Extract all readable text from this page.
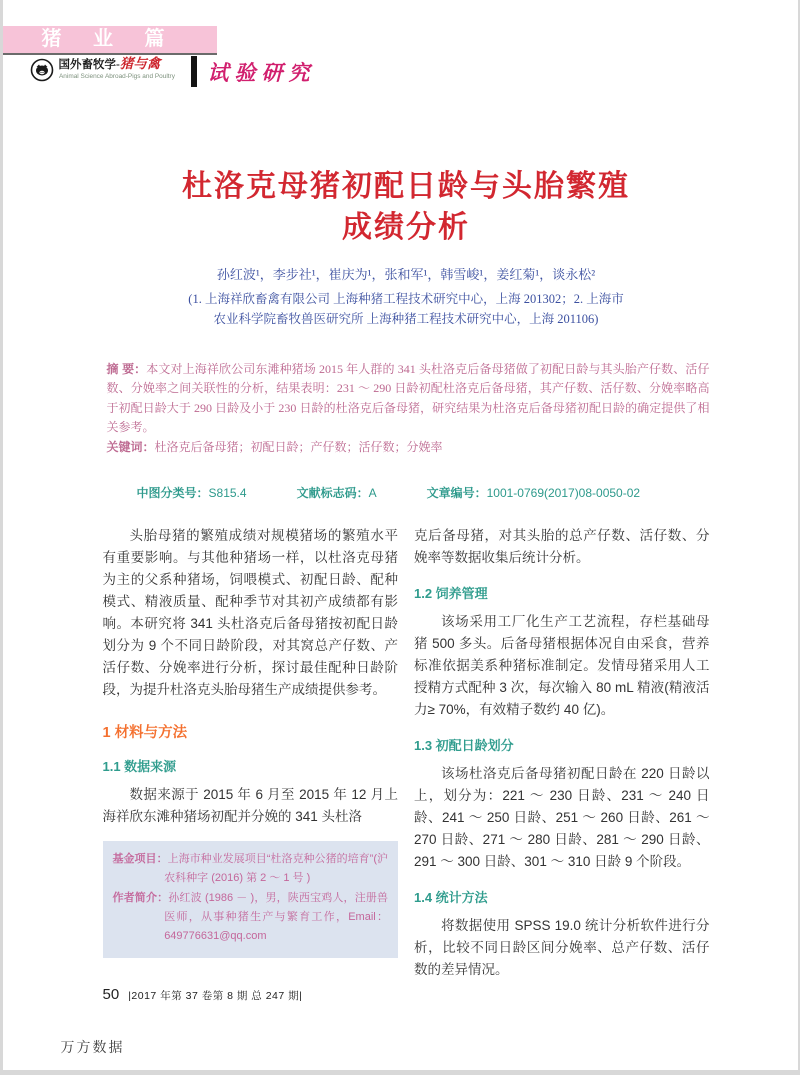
猪 业 篇
国外畜牧学-猪与禽
Animal Science Abroad-Pigs and Poultry 试验研究
杜洛克母猪初配日龄与头胎繁殖
成绩分析
孙红波¹，李步社¹，崔庆为¹，张和军¹，韩雪峻¹，姜红菊¹，谈永松²
(1. 上海祥欣畜禽有限公司 上海种猪工程技术研究中心，上海 201302；2. 上海市
农业科学院畜牧兽医研究所 上海种猪工程技术研究中心，上海 201106)

摘 要：本文对上海祥欣公司东滩种猪场 2015 年人群的 341 头杜洛克后备母猪做了初配日龄与其头胎产仔数、活仔数、分娩率之间关联性的分析，结果表明：231 ～ 290 日龄初配杜洛克后备母猪，其产仔数、活仔数、分娩率略高于初配日龄大于 290 日龄及小于 230 日龄的杜洛克后备母猪，研究结果为杜洛克后备母猪初配日龄的确定提供了相关参考。

关键词：杜洛克后备母猪；初配日龄；产仔数；活仔数；分娩率

中图分类号：S815.4	文献标志码：A	文章编号：1001-0769(2017)08-0050-02

头胎母猪的繁殖成绩对规模猪场的繁殖水平有重要影响。与其他种猪场一样，以杜洛克母猪为主的父系种猪场，饲喂模式、初配日龄、配种模式、精液质量、配种季节对其初产成绩都有影响。本研究将 341 头杜洛克后备母猪按初配日龄划分为 9 个不同日龄阶段，对其窝总产仔数、产活仔数、分娩率进行分析，探讨最佳配种日龄阶段，为提升杜洛克头胎母猪生产成绩提供参考。

1 材料与方法
1.1 数据来源

数据来源于 2015 年 6 月至 2015 年 12 月上海祥欣东滩种猪场初配并分娩的 341 头杜洛

基金项目：上海市种业发展项目“杜洛克种公猪的培育”(沪农科种字 (2016) 第 2 ～ 1 号 )

作者简介：孙红波 (1986 － )，男，陕西宝鸡人，注册兽医师，从事种猪生产与繁育工作，Email：649776631@qq.com

克后备母猪，对其头胎的总产仔数、活仔数、分娩率等数据收集后统计分析。

1.2 饲养管理

该场采用工厂化生产工艺流程，存栏基础母猪 500 多头。后备母猪根据体况自由采食，营养标准依据美系种猪标准制定。发情母猪采用人工授精方式配种 3 次，每次输入 80 mL 精液(精液活力≥ 70%，有效精子数约 40 亿)。

1.3 初配日龄划分

该场杜洛克后备母猪初配日龄在 220 日龄以上，划分为：221 ～ 230 日龄、231 ～ 240 日龄、241 ～ 250 日龄、251 ～ 260 日龄、261 ～ 270 日龄、271 ～ 280 日龄、281 ～ 290 日龄、291 ～ 300 日龄、301 ～ 310 日龄 9 个阶段。

1.4 统计方法

将数据使用 SPSS 19.0 统计分析软件进行分析，比较不同日龄区间分娩率、总产仔数、活仔数的差异情况。

50 |2017 年第 37 卷第 8 期 总 247 期|
万方数据
